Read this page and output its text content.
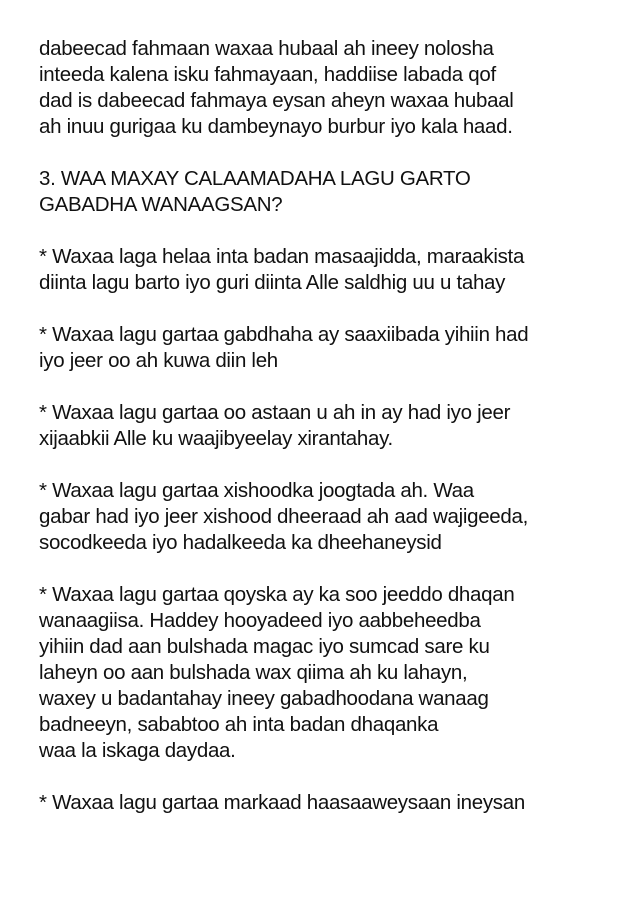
dabeecad fahmaan waxaa hubaal ah ineey nolosha
inteeda kalena isku fahmayaan, haddiise labada qof
dad is dabeecad fahmaya eysan aheyn waxaa hubaal
ah inuu gurigaa ku dambeynayo burbur iyo kala haad.

3. WAA MAXAY CALAAMADAHA LAGU GARTO
GABADHA WANAAGSAN?

* Waxaa laga helaa inta badan masaajidda, maraakista
diinta lagu barto iyo guri diinta Alle saldhig uu u tahay

* Waxaa lagu gartaa gabdhaha ay saaxiibada yihiin had
iyo jeer oo ah kuwa diin leh

* Waxaa lagu gartaa oo astaan u ah in ay had iyo jeer
xijaabkii Alle ku waajibyeelay xirantahay.

* Waxaa lagu gartaa xishoodka joogtada ah. Waa
gabar had iyo jeer xishood dheeraad ah aad wajigeeda,
socodkeeda iyo hadalkeeda ka dheehaneysid

* Waxaa lagu gartaa qoyska ay ka soo jeeddo dhaqan
wanaagiisa. Haddey hooyadeed iyo aabbeheedba
yihiin dad aan bulshada magac iyo sumcad sare ku
laheyn oo aan bulshada wax qiima ah ku lahayn,
waxey u badantahay ineey gabadhoodana wanaag
badneeyn, sababtoo ah inta badan dhaqanka
waa la iskaga daydaa.

* Waxaa lagu gartaa markaad haasaaweysaan ineysan
